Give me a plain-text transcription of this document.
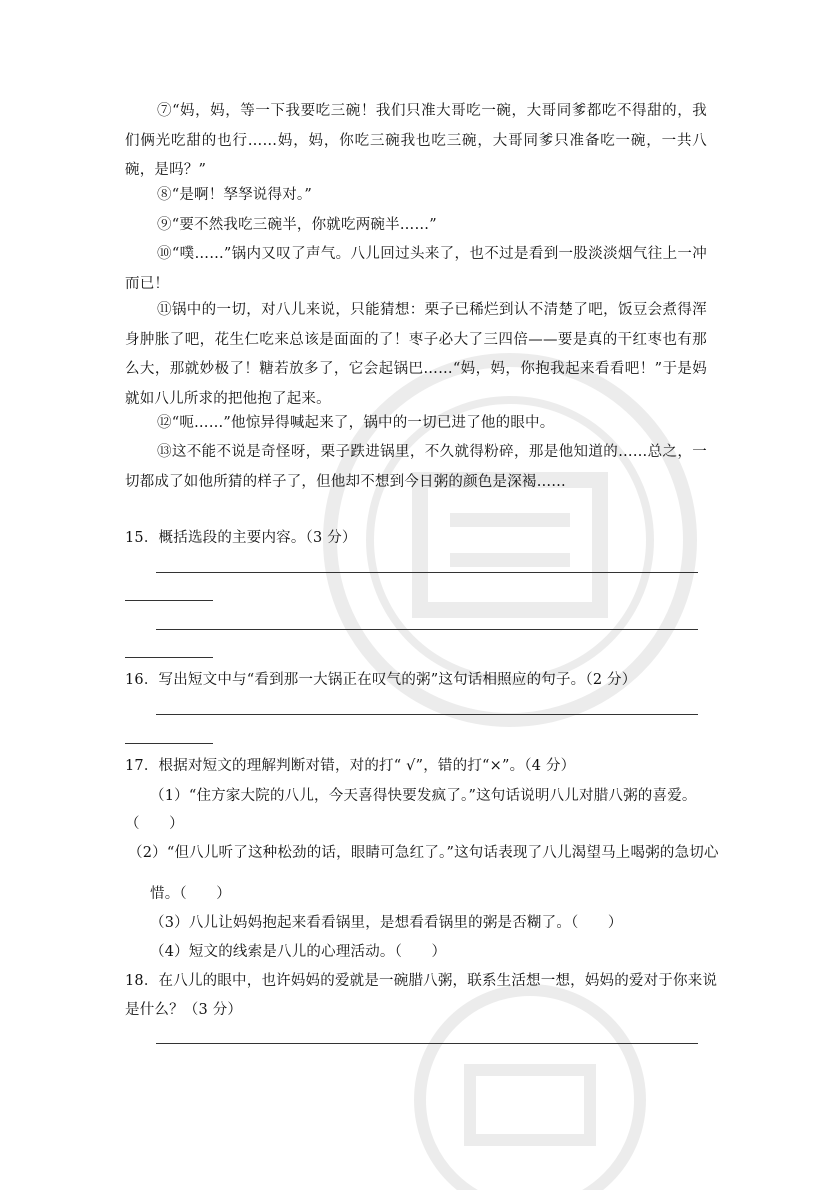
⑦“妈，妈，等一下我要吃三碗！我们只准大哥吃一碗，大哥同爹都吃不得甜的，我们俩光吃甜的也行……妈，妈，你吃三碗我也吃三碗，大哥同爹只准备吃一碗，一共八碗，是吗？”

⑧“是啊！孥孥说得对。”

⑨“要不然我吃三碗半，你就吃两碗半……”

⑩“噗……”锅内又叹了声气。八儿回过头来了，也不过是看到一股淡淡烟气往上一冲而已！

⑪锅中的一切，对八儿来说，只能猜想：栗子已稀烂到认不清楚了吧，饭豆会煮得浑身肿胀了吧，花生仁吃来总该是面面的了！枣子必大了三四倍——要是真的干红枣也有那么大，那就妙极了！糖若放多了，它会起锅巴……“妈，妈，你抱我起来看看吧！”于是妈就如八儿所求的把他抱了起来。

⑫“呃……”他惊异得喊起来了，锅中的一切已进了他的眼中。

⑬这不能不说是奇怪呀，栗子跌进锅里，不久就得粉碎，那是他知道的……总之，一切都成了如他所猜的样子了，但他却不想到今日粥的颜色是深褐……

15．概括选段的主要内容。（3 分）
16．写出短文中与“看到那一大锅正在叹气的粥”这句话相照应的句子。（2 分）
17．根据对短文的理解判断对错，对的打“ √”，错的打“×”。（4 分）
（1）“住方家大院的八儿，今天喜得快要发疯了。”这句话说明八儿对腊八粥的喜爱。
（　　）
（2）“但八儿听了这种松劲的话，眼睛可急红了。”这句话表现了八儿渴望马上喝粥的急切心
惜。（　　）
（3）八儿让妈妈抱起来看看锅里，是想看看锅里的粥是否糊了。（　　）
（4）短文的线索是八儿的心理活动。（　　）
18．在八儿的眼中，也许妈妈的爱就是一碗腊八粥，联系生活想一想，妈妈的爱对于你来说
是什么？（3 分）
